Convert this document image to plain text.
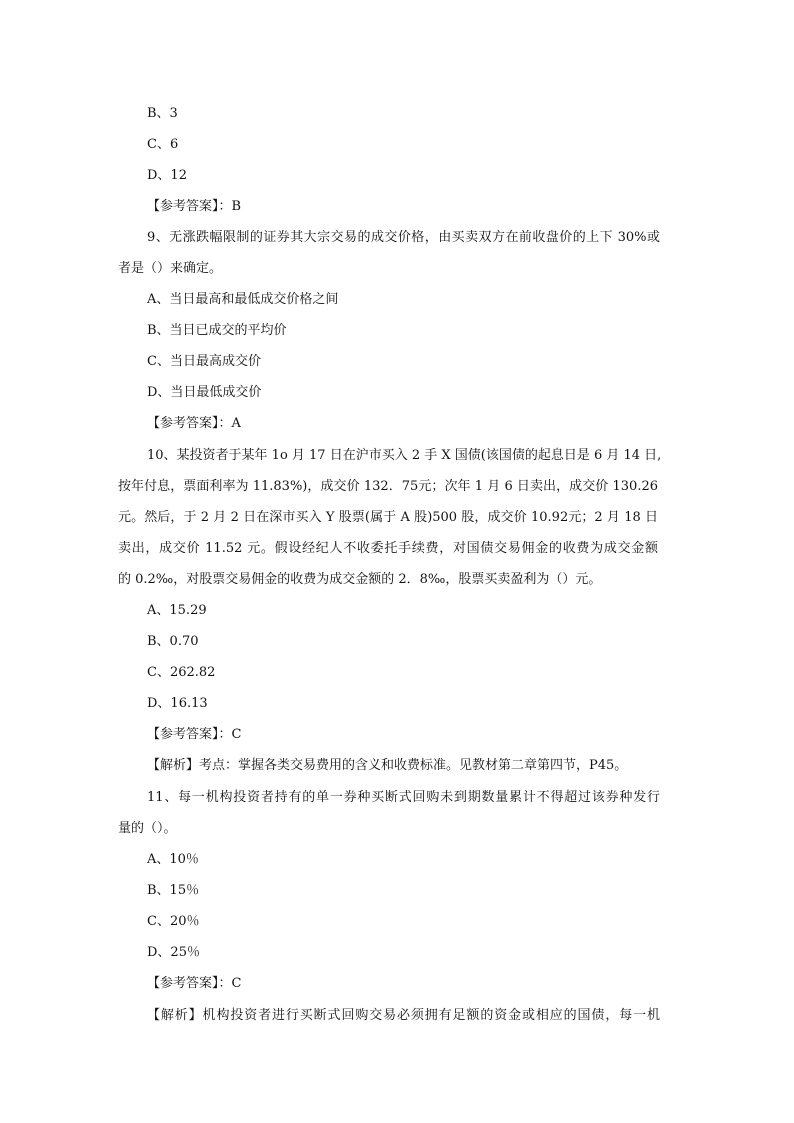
B、3
C、6
D、12
【参考答案】：B
9、无涨跌幅限制的证券其大宗交易的成交价格，由买卖双方在前收盘价的上下 30%或
者是（）来确定。
A、当日最高和最低成交价格之间
B、当日已成交的平均价
C、当日最高成交价
D、当日最低成交价
【参考答案】：A
10、某投资者于某年 1o 月 17 日在沪市买入 2 手 X 国债(该国债的起息日是 6 月 14 日,
按年付息，票面利率为 11.83%)，成交价 132．75元；次年 1 月 6 日卖出，成交价 130.26
元。然后，于 2 月 2 日在深市买入 Y 股票(属于 A 股)500 股，成交价 10.92元；2 月 18 日
卖出，成交价 11.52 元。假设经纪人不收委托手续费，对国债交易佣金的收费为成交金额
的 0.2‰，对股票交易佣金的收费为成交金额的 2．8‰，股票买卖盈利为（）元。
A、15.29
B、0.70
C、262.82
D、16.13
【参考答案】：C
【解析】考点：掌握各类交易费用的含义和收费标准。见教材第二章第四节，P45。
11、每一机构投资者持有的单一券种买断式回购未到期数量累计不得超过该券种发行
量的（）。
A、10％
B、15％
C、20％
D、25％
【参考答案】：C
【解析】机构投资者进行买断式回购交易必须拥有足额的资金或相应的国债，每一机
